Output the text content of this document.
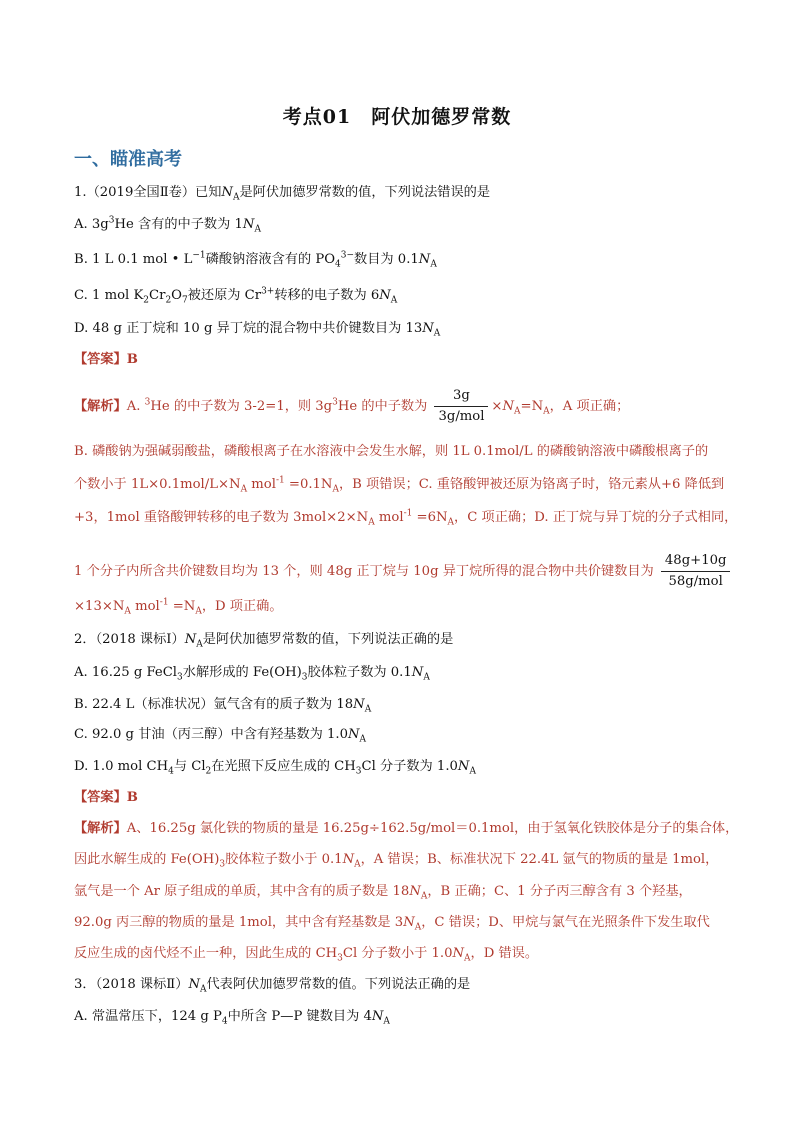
考点01　阿伏加德罗常数
一、瞄准高考
1.（2019全国Ⅱ卷）已知$N_A$是阿伏加德罗常数的值，下列说法错误的是
A. $3g^3He$ 含有的中子数为 $1N_A$
B. 1 L 0.1 mol • $L^{-1}$磷酸钠溶液含有的 $PO_4^{3-}$数目为 $0.1N_A$
C. 1 mol $K_2Cr_2O_7$被还原为 $Cr^{3+}$转移的电子数为 $6N_A$
D. 48 g 正丁烷和 10 g 异丁烷的混合物中共价键数目为 $13N_A$
【答案】B
【解析】A. $^3$He 的中子数为 3-2=1，则 $3g^3He$ 的中子数为 $\frac{3g}{\text{3g/mol}} \times N_A=N_A$，A 项正确；
B. 磷酸钠为强碱弱酸盐，磷酸根离子在水溶液中会发生水解，则 1L 0.1mol/L 的磷酸钠溶液中磷酸根离子的
个数小于 $1L\times 0.1mol/L\times N_A$ $mol^{-1} =0.1N_A$，B 项错误；C. 重铬酸钾被还原为铬离子时，铬元素从+6 降低到
+3，1mol 重铬酸钾转移的电子数为 $3mol\times 2\times N_A$ $mol^{-1} =6N_A$，C 项正确；D. 正丁烷与异丁烷的分子式相同，
1 个分子内所含共价键数目均为 13 个，则 48g 正丁烷与 10g 异丁烷所得的混合物中共价键数目为 $\frac{48g+10g}{\text{58g/mol}}$
$\times 13\times N_A$ $mol^{-1} =N_A$，D 项正确。
2．（2018 课标$Ⅰ)N_A$是阿伏加德罗常数的值，下列说法正确的是
A. 16.25 g FeCl$_3$水解形成的 $Fe(OH)_3$胶体粒子数为 $0.1N_A$
B. 22.4 L（标准状况）氩气含有的质子数为 $18N_A$
C. 92.0 g 甘油（丙三醇）中含有羟基数为 $1.0N_A$
D. 1.0 mol $CH_4$与 $Cl_2$在光照下反应生成的 $CH_3Cl$ 分子数为 $1.0N_A$
【答案】B
【解析】A、16.25g 氯化铁的物质的量是 16.25g÷162.5g/mol＝0.1mol，由于氢氧化铁胶体是分子的集合体，
因此水解生成的 $Fe(OH)_3$胶体粒子数小于 $0.1N_A$，A 错误；B、标准状况下 22.4L 氩气的物质的量是 1mol，
氩气是一个 Ar 原子组成的单质，其中含有的质子数是 $18N_A$，B 正确；C、1 分子丙三醇含有 3 个羟基，
92.0g 丙三醇的物质的量是 1mol，其中含有羟基数是 $3N_A$，C 错误；D、甲烷与氯气在光照条件下发生取代
反应生成的卤代烃不止一种，因此生成的 $CH_3Cl$ 分子数小于 $1.0N_A$，D 错误。
3．（2018 课标$Ⅱ)N_A$代表阿伏加德罗常数的值。下列说法正确的是
A. 常温常压下，124 g $P_4$中所含 P—P 键数目为 $4N_A$
